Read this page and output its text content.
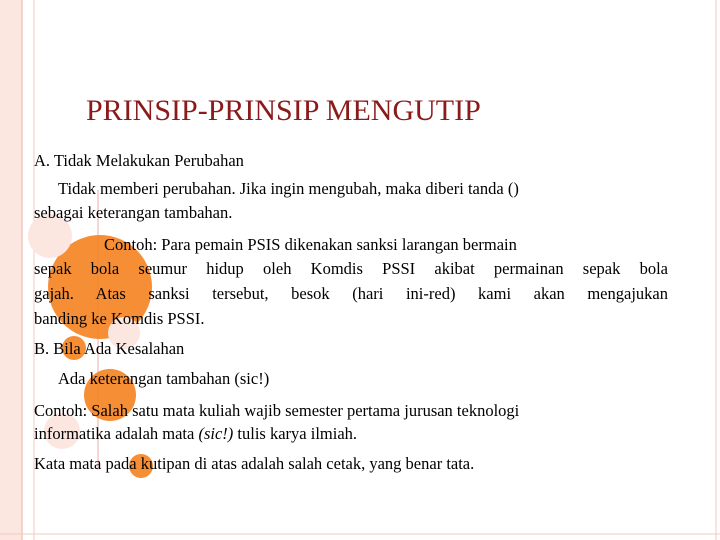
PRINSIP-PRINSIP MENGUTIP
A. Tidak Melakukan Perubahan
Tidak memberi perubahan. Jika ingin mengubah, maka diberi tanda ()
sebagai keterangan tambahan.
Contoh: Para pemain PSIS dikenakan sanksi larangan bermain
sepak bola seumur hidup oleh Komdis PSSI akibat permainan sepak bola
gajah. Atas sanksi tersebut, besok (hari ini-red) kami akan mengajukan
banding ke Komdis PSSI.
B. Bila Ada Kesalahan
Ada keterangan tambahan (sic!)
Contoh: Salah satu mata kuliah wajib semester pertama jurusan teknologi
informatika adalah mata (sic!) tulis karya ilmiah.
Kata mata pada kutipan di atas adalah salah cetak, yang benar tata.
